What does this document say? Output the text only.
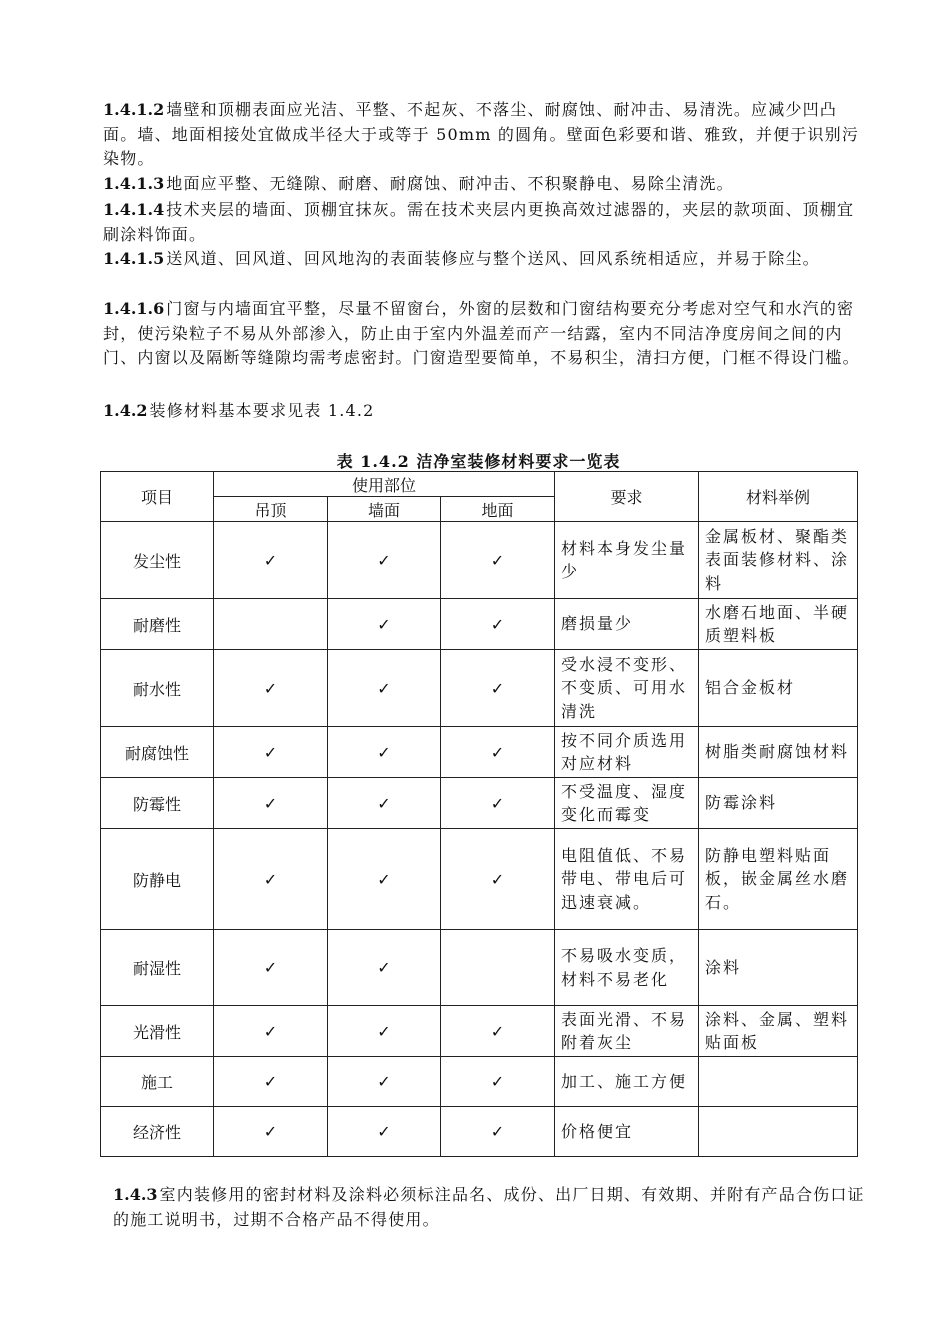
1.4.1.2 墙壁和顶棚表面应光洁、平整、不起灰、不落尘、耐腐蚀、耐冲击、易清洗。应减少凹凸面。墙、地面相接处宜做成半径大于或等于 50mm 的圆角。壁面色彩要和谐、雅致，并便于识别污染物。
1.4.1.3 地面应平整、无缝隙、耐磨、耐腐蚀、耐冲击、不积聚静电、易除尘清洗。
1.4.1.4 技术夹层的墙面、顶棚宜抹灰。需在技术夹层内更换高效过滤器的，夹层的款项面、顶棚宜刷涂料饰面。
1.4.1.5 送风道、回风道、回风地沟的表面装修应与整个送风、回风系统相适应，并易于除尘。
1.4.1.6 门窗与内墙面宜平整，尽量不留窗台，外窗的层数和门窗结构要充分考虑对空气和水汽的密封，使污染粒子不易从外部渗入，防止由于室内外温差而产一结露，室内不同洁净度房间之间的内门、内窗以及隔断等缝隙均需考虑密封。门窗造型要简单，不易积尘，清扫方便，门框不得设门槛。
1.4.2 装修材料基本要求见表 1.4.2
表 1.4.2 洁净室装修材料要求一览表
项目	使用部位			要求	材料举例
	吊顶	墙面	地面		
发尘性	✓	✓	✓	材料本身发尘量少	金属板材、聚酯类表面装修材料、涂料
耐磨性		✓	✓	磨损量少	水磨石地面、半硬质塑料板
耐水性	✓	✓	✓	受水浸不变形、不变质、可用水清洗	铝合金板材
耐腐蚀性	✓	✓	✓	按不同介质选用对应材料	树脂类耐腐蚀材料
防霉性	✓	✓	✓	不受温度、湿度变化而霉变	防霉涂料
防静电	✓	✓	✓	电阻值低、不易带电、带电后可迅速衰减。	防静电塑料贴面板，嵌金属丝水磨石。
耐湿性	✓	✓		不易吸水变质，材料不易老化	涂料
光滑性	✓	✓	✓	表面光滑、不易附着灰尘	涂料、金属、塑料贴面板
施工	✓	✓	✓	加工、施工方便	
经济性	✓	✓	✓	价格便宜	
1.4.3 室内装修用的密封材料及涂料必须标注品名、成份、出厂日期、有效期、并附有产品合伤口证的施工说明书，过期不合格产品不得使用。
